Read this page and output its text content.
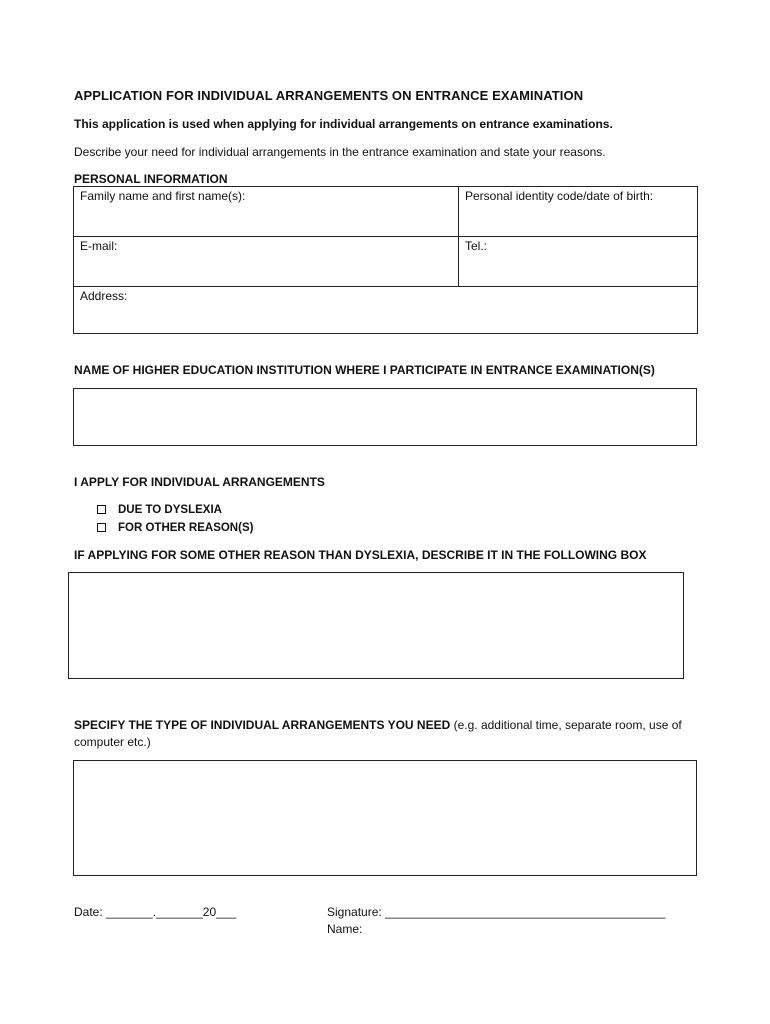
APPLICATION FOR INDIVIDUAL ARRANGEMENTS ON ENTRANCE EXAMINATION
This application is used when applying for individual arrangements on entrance examinations.
Describe your need for individual arrangements in the entrance examination and state your reasons.
PERSONAL INFORMATION
Family name and first name(s):	Personal identity code/date of birth:
E-mail:	Tel.:
Address:	
NAME OF HIGHER EDUCATION INSTITUTION WHERE I PARTICIPATE IN ENTRANCE EXAMINATION(S)
I APPLY FOR INDIVIDUAL ARRANGEMENTS
DUE TO DYSLEXIA
FOR OTHER REASON(S)
IF APPLYING FOR SOME OTHER REASON THAN DYSLEXIA, DESCRIBE IT IN THE FOLLOWING BOX
SPECIFY THE TYPE OF INDIVIDUAL ARRANGEMENTS YOU NEED (e.g. additional time, separate room, use of
computer etc.)
Date: _______._______20___	Signature: __________________________________________
Name:
